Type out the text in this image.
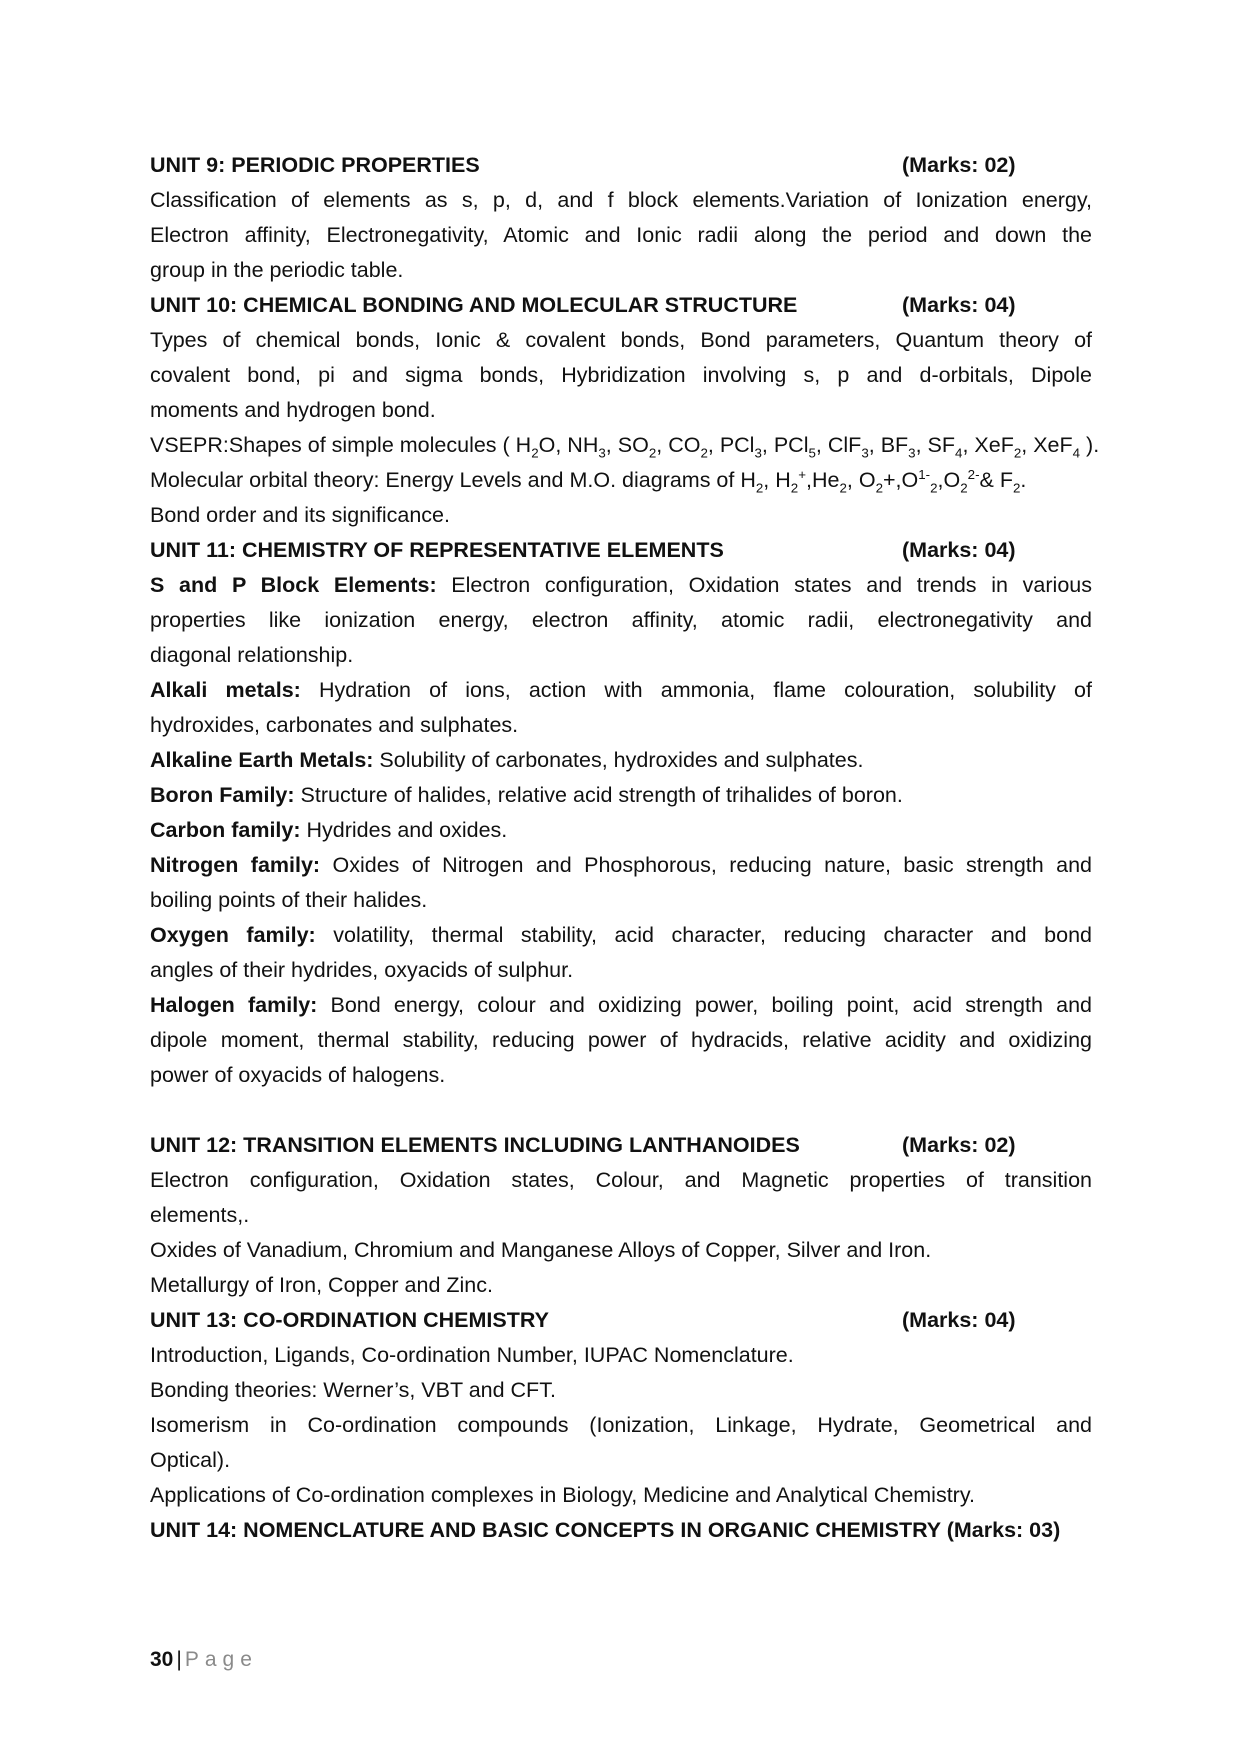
UNIT 9: PERIODIC PROPERTIES	(Marks: 02)
Classification of elements as s, p, d, and f block elements.Variation of Ionization energy,
Electron affinity, Electronegativity, Atomic and Ionic radii along the period and down the
group in the periodic table.
UNIT 10: CHEMICAL BONDING AND MOLECULAR STRUCTURE	(Marks: 04)
Types of chemical bonds, Ionic & covalent bonds, Bond parameters, Quantum theory of
covalent bond, pi and sigma bonds, Hybridization involving s, p and d-orbitals, Dipole
moments and hydrogen bond.
VSEPR:Shapes of simple molecules ( $H_2O$, $NH_3$, $SO_2$, $CO_2$, PCl$_3$, PCl$_5$, ClF$_3$, $BF_3$, $SF_4$, XeF$_2$, XeF$_4$ ).
Molecular orbital theory: Energy Levels and M.O. diagrams of $H_2$, $H_2^+,He_2$, $O_2+,O^{1-}_2,O_2^{2-}\&$ $F_2$.
Bond order and its significance.
UNIT 11: CHEMISTRY OF REPRESENTATIVE ELEMENTS	(Marks: 04)
S and P Block Elements: Electron configuration, Oxidation states and trends in various
properties like ionization energy, electron affinity, atomic radii, electronegativity and
diagonal relationship.
Alkali metals: Hydration of ions, action with ammonia, flame colouration, solubility of
hydroxides, carbonates and sulphates.
Alkaline Earth Metals: Solubility of carbonates, hydroxides and sulphates.
Boron Family: Structure of halides, relative acid strength of trihalides of boron.
Carbon family: Hydrides and oxides.
Nitrogen family: Oxides of Nitrogen and Phosphorous, reducing nature, basic strength and
boiling points of their halides.
Oxygen family: volatility, thermal stability, acid character, reducing character and bond
angles of their hydrides, oxyacids of sulphur.
Halogen family: Bond energy, colour and oxidizing power, boiling point, acid strength and
dipole moment, thermal stability, reducing power of hydracids, relative acidity and oxidizing
power of oxyacids of halogens.
UNIT 12: TRANSITION ELEMENTS INCLUDING LANTHANOIDES	(Marks: 02)
Electron configuration, Oxidation states, Colour, and Magnetic properties of transition
elements,.
Oxides of Vanadium, Chromium and Manganese Alloys of Copper, Silver and Iron.
Metallurgy of Iron, Copper and Zinc.
UNIT 13: CO-ORDINATION CHEMISTRY	(Marks: 04)
Introduction, Ligands, Co-ordination Number, IUPAC Nomenclature.
Bonding theories: Werner’s, VBT and CFT.
Isomerism in Co-ordination compounds (Ionization, Linkage, Hydrate, Geometrical and
Optical).
Applications of Co-ordination complexes in Biology, Medicine and Analytical Chemistry.
UNIT 14: NOMENCLATURE AND BASIC CONCEPTS IN ORGANIC CHEMISTRY (Marks: 03)
30 | Page
